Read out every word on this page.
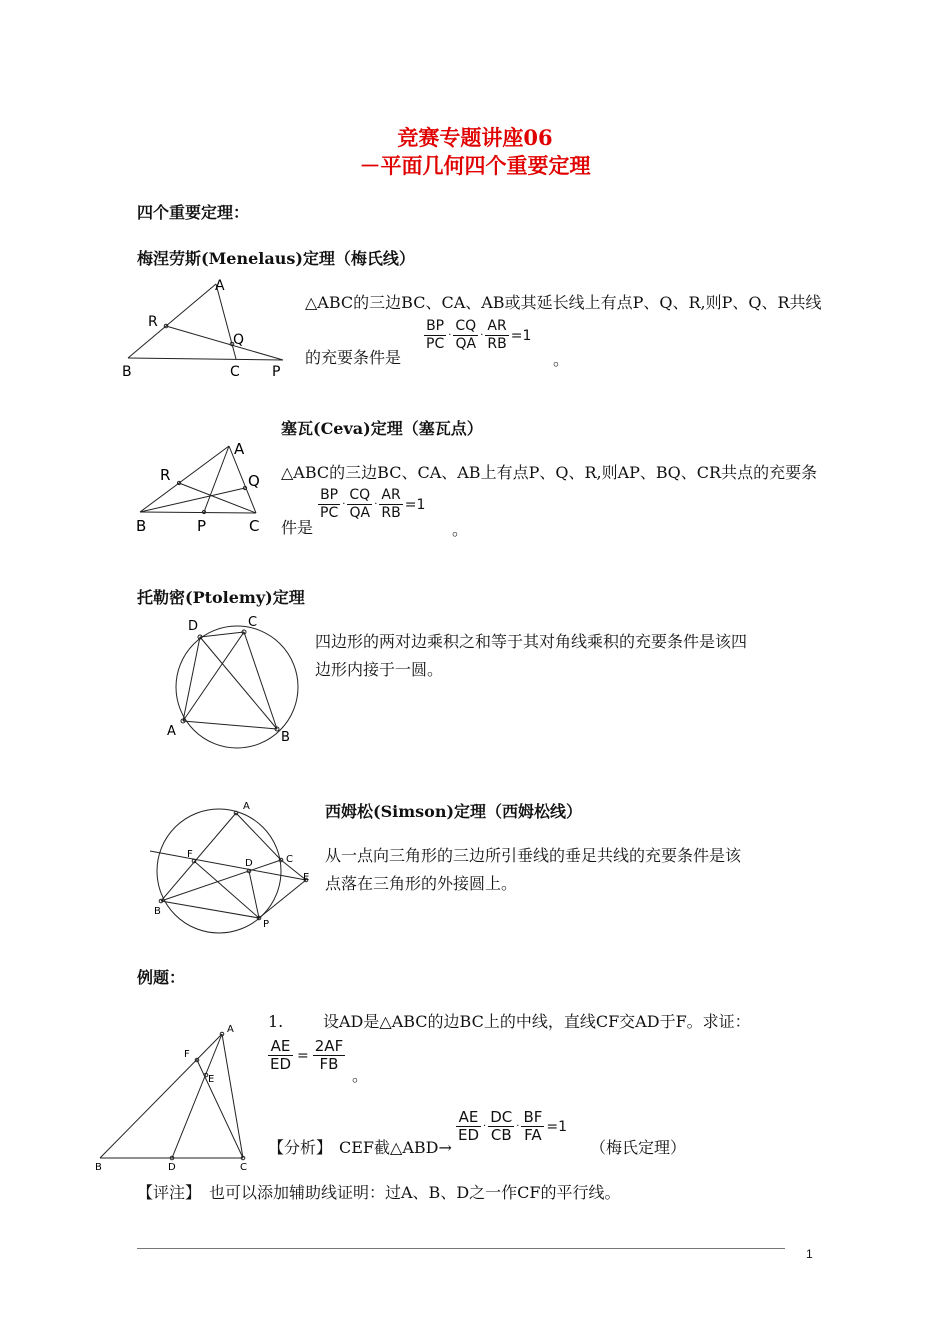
竞赛专题讲座06
－平面几何四个重要定理
四个重要定理：
梅涅劳斯(Menelaus)定理（梅氏线）
A
R
Q
B	C P
△ABC的三边BC、CA、AB或其延长线上有点P、Q、R,则P、Q、R共线
$\frac{BP}{PC} \cdot \frac{CQ}{QA} \cdot \frac{AR}{RB} =1$
的充要条件是	。
塞瓦(Ceva)定理（塞瓦点）
A
R	Q
B	P	C
△ABC的三边BC、CA、AB上有点P、Q、R,则AP、BQ、CR共点的充要条
件是
$\frac{BP}{PC} \cdot \frac{CQ}{QA} \cdot \frac{AR}{RB} =1$
。
托勒密(Ptolemy)定理
D	C
A	B
四边形的两对边乘积之和等于其对角线乘积的充要条件是该四
边形内接于一圆。
西姆松(Simson)定理（西姆松线）
A
F
D	C
E
B
P
从一点向三角形的三边所引垂线的垂足共线的充要条件是该
点落在三角形的外接圆上。
例题：
A
F
E
B	D	C
1. 设AD是△ABC的边BC上的中线，直线CF交AD于F。求证：
$\frac{AE}{ED} = \frac{2AF}{FB}$
。
【分析】 CEF截△ABD→
$\frac{AE}{ED} \cdot \frac{DC}{CB} \cdot \frac{BF}{FA} =1$
（梅氏定理）
【评注】 也可以添加辅助线证明：过A、B、D之一作CF的平行线。
1
